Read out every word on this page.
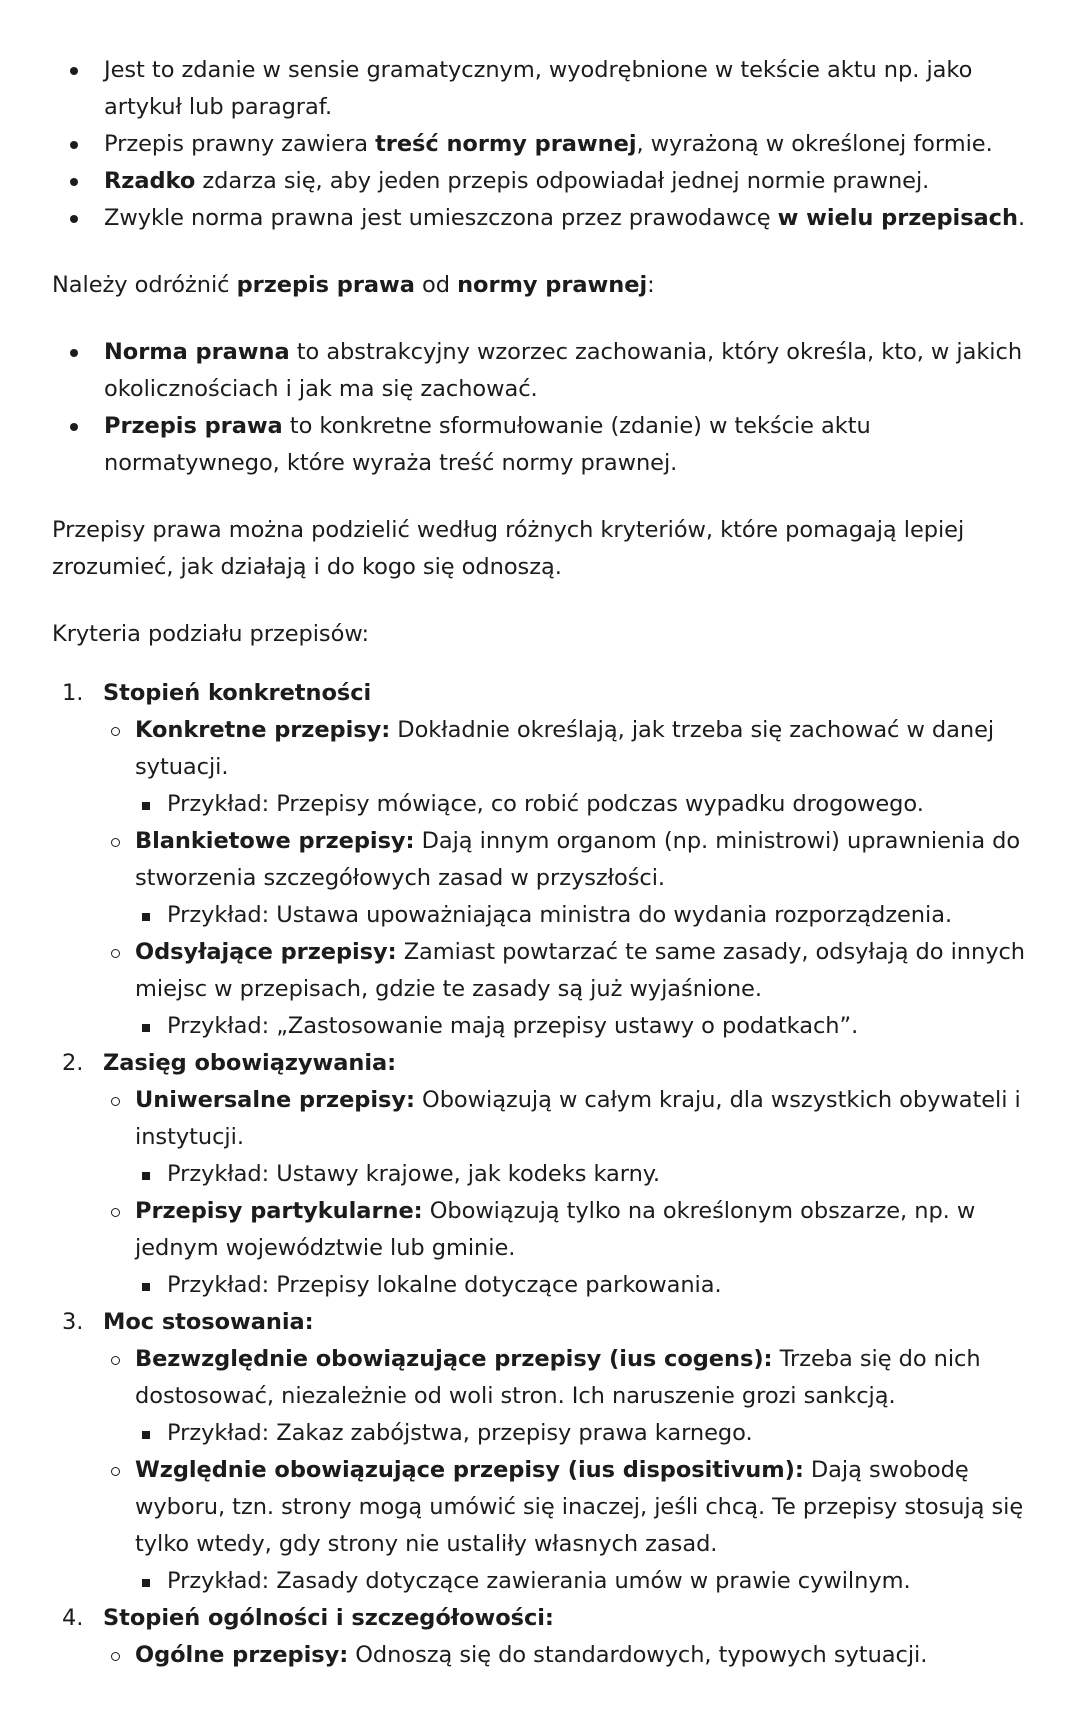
Jest to zdanie w sensie gramatycznym, wyodrębnione w tekście aktu np. jako artykuł lub paragraf.
Przepis prawny zawiera treść normy prawnej, wyrażoną w określonej formie.
Rzadko zdarza się, aby jeden przepis odpowiadał jednej normie prawnej.
Zwykle norma prawna jest umieszczona przez prawodawcę w wielu przepisach.

Należy odróżnić przepis prawa od normy prawnej:

Norma prawna to abstrakcyjny wzorzec zachowania, który określa, kto, w jakich okolicznościach i jak ma się zachować.
Przepis prawa to konkretne sformułowanie (zdanie) w tekście aktu normatywnego, które wyraża treść normy prawnej.

Przepisy prawa można podzielić według różnych kryteriów, które pomagają lepiej zrozumieć, jak działają i do kogo się odnoszą.

Kryteria podziału przepisów:

1. Stopień konkretności
Konkretne przepisy: Dokładnie określają, jak trzeba się zachować w danej sytuacji.
Przykład: Przepisy mówiące, co robić podczas wypadku drogowego.
Blankietowe przepisy: Dają innym organom (np. ministrowi) uprawnienia do stworzenia szczegółowych zasad w przyszłości.
Przykład: Ustawa upoważniająca ministra do wydania rozporządzenia.
Odsyłające przepisy: Zamiast powtarzać te same zasady, odsyłają do innych miejsc w przepisach, gdzie te zasady są już wyjaśnione.
Przykład: „Zastosowanie mają przepisy ustawy o podatkach”.
2. Zasięg obowiązywania:
Uniwersalne przepisy: Obowiązują w całym kraju, dla wszystkich obywateli i instytucji.
Przykład: Ustawy krajowe, jak kodeks karny.
Przepisy partykularne: Obowiązują tylko na określonym obszarze, np. w jednym województwie lub gminie.
Przykład: Przepisy lokalne dotyczące parkowania.
3. Moc stosowania:
Bezwzględnie obowiązujące przepisy (ius cogens): Trzeba się do nich dostosować, niezależnie od woli stron. Ich naruszenie grozi sankcją.
Przykład: Zakaz zabójstwa, przepisy prawa karnego.
Względnie obowiązujące przepisy (ius dispositivum): Dają swobodę wyboru, tzn. strony mogą umówić się inaczej, jeśli chcą. Te przepisy stosują się tylko wtedy, gdy strony nie ustaliły własnych zasad.
Przykład: Zasady dotyczące zawierania umów w prawie cywilnym.
4. Stopień ogólności i szczegółowości:
Ogólne przepisy: Odnoszą się do standardowych, typowych sytuacji.
